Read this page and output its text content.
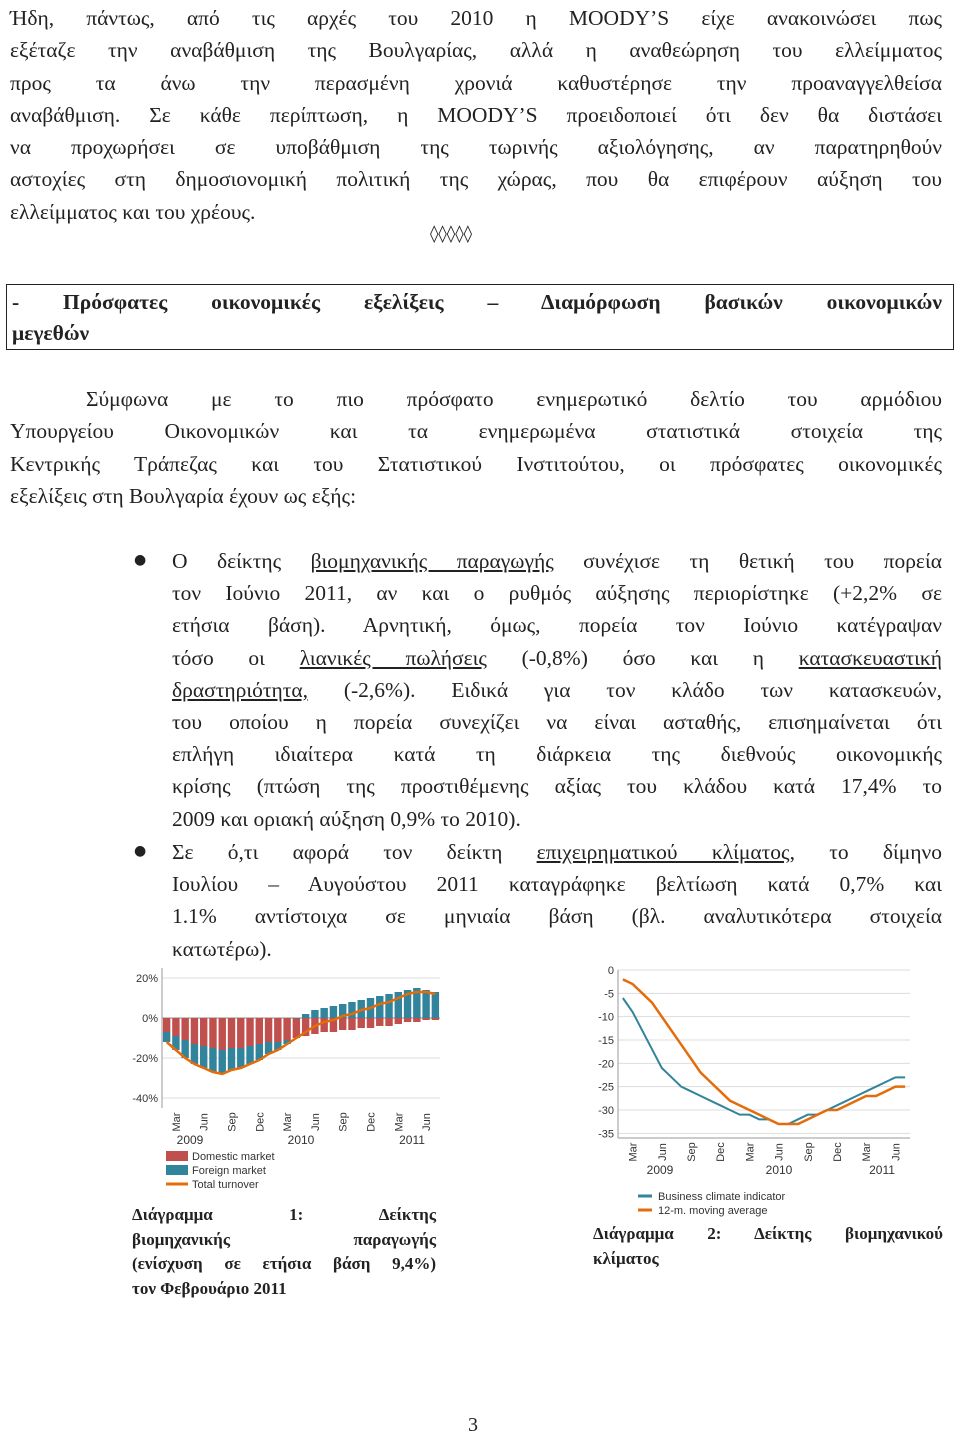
Ήδη, πάντως, από τις αρχές του 2010 η MOODY’S είχε ανακοινώσει πως
εξέταζε την αναβάθμιση της Βουλγαρίας, αλλά η αναθεώρηση του ελλείμματος
προς τα άνω την περασμένη χρονιά καθυστέρησε την προαναγγελθείσα
αναβάθμιση. Σε κάθε περίπτωση, η MOODY’S προειδοποιεί ότι δεν θα διστάσει
να προχωρήσει σε υποβάθμιση της τωρινής αξιολόγησης, αν παρατηρηθούν
αστοχίες στη δημοσιονομική πολιτική της χώρας, που θα επιφέρουν αύξηση του
ελλείμματος και του χρέους.
◊◊◊◊◊
- Πρόσφατες οικονομικές εξελίξεις – Διαμόρφωση βασικών οικονομικών
μεγεθών
Σύμφωνα με το πιο πρόσφατο ενημερωτικό δελτίο του αρμόδιου
Υπουργείου Οικονομικών και τα ενημερωμένα στατιστικά στοιχεία της
Κεντρικής Τράπεζας και του Στατιστικού Ινστιτούτου, οι πρόσφατες οικονομικές
εξελίξεις στη Βουλγαρία έχουν ως εξής:
● Ο δείκτης βιομηχανικής παραγωγής συνέχισε τη θετική του πορεία
τον Ιούνιο 2011, αν και ο ρυθμός αύξησης περιορίστηκε (+2,2% σε
ετήσια βάση). Αρνητική, όμως, πορεία τον Ιούνιο κατέγραψαν
τόσο οι λιανικές πωλήσεις (-0,8%) όσο και η κατασκευαστική
δραστηριότητα, (-2,6%). Ειδικά για τον κλάδο των κατασκευών,
του οποίου η πορεία συνεχίζει να είναι ασταθής, επισημαίνεται ότι
επλήγη ιδιαίτερα κατά τη διάρκεια της διεθνούς οικονομικής
κρίσης (πτώση της προστιθέμενης αξίας του κλάδου κατά 17,4% το
2009 και οριακή αύξηση 0,9% το 2010).
● Σε ό,τι αφορά τον δείκτη επιχειρηματικού κλίματος, το δίμηνο
Ιουλίου – Αυγούστου 2011 καταγράφηκε βελτίωση κατά 0,7% και
1.1% αντίστοιχα σε μηνιαία βάση (βλ. αναλυτικότερα στοιχεία
κατωτέρω).
20%
0%
-20%
-40%
Mar Jun Sep Dec Mar Jun Sep Dec Mar Jun
2009	2010	2011
Domestic market
Foreign market
Total turnover
0
-5
-10
-15
-20
-25
-30
-35
Mar Jun Sep Dec Mar Jun Sep Dec Mar Jun
2009	2010	2011
Business climate indicator
12-m. moving average
Διάγραμμα 1: Δείκτης
βιομηχανικής παραγωγής
(ενίσχυση σε ετήσια βάση 9,4%)
τον Φεβρουάριο 2011
Διάγραμμα 2: Δείκτης βιομηχανικού
κλίματος
3
